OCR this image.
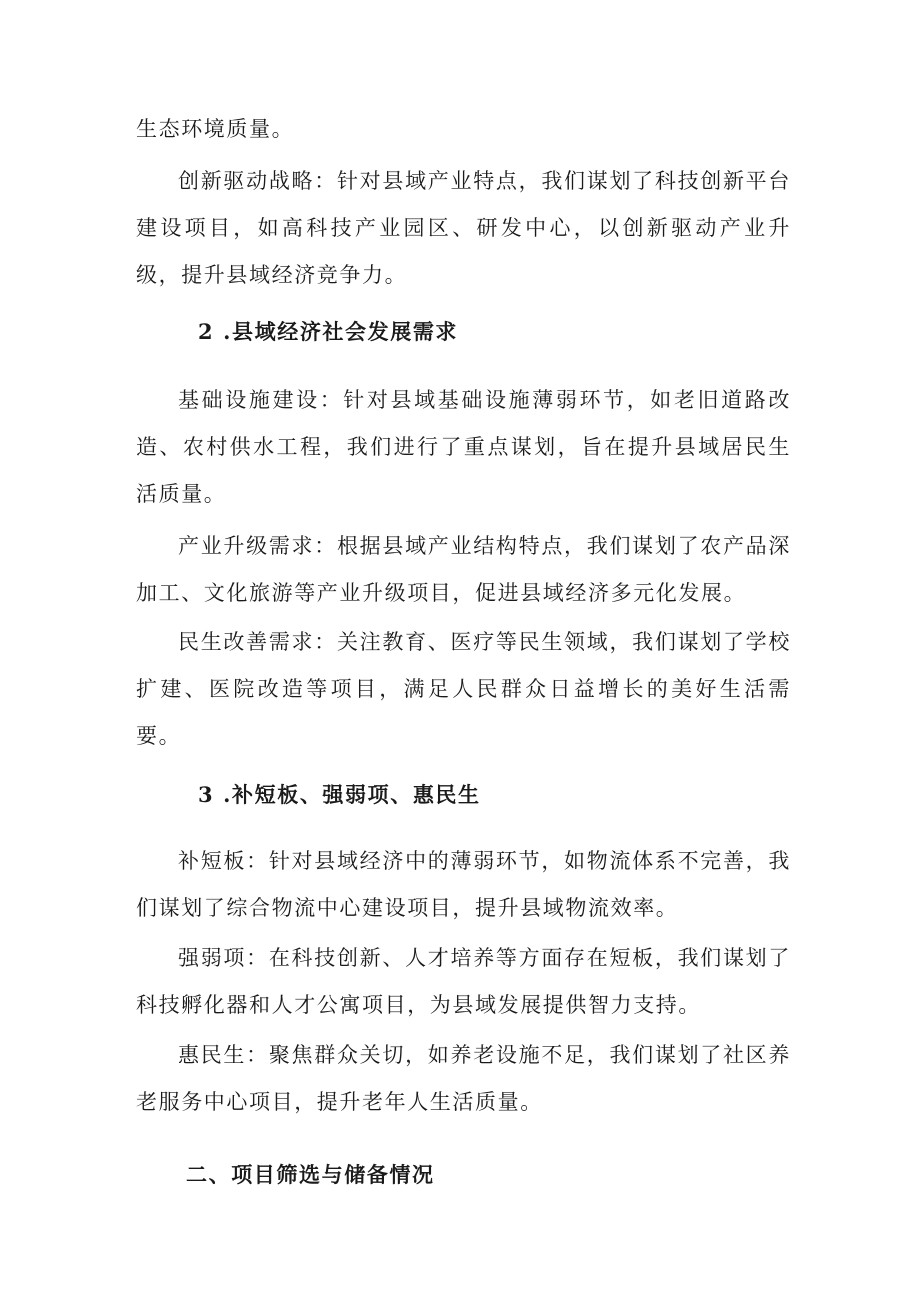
生态环境质量。

创新驱动战略：针对县域产业特点，我们谋划了科技创新平台建设项目，如高科技产业园区、研发中心，以创新驱动产业升级，提升县域经济竞争力。

2 .县域经济社会发展需求

基础设施建设：针对县域基础设施薄弱环节，如老旧道路改造、农村供水工程，我们进行了重点谋划，旨在提升县域居民生活质量。

产业升级需求：根据县域产业结构特点，我们谋划了农产品深加工、文化旅游等产业升级项目，促进县域经济多元化发展。

民生改善需求：关注教育、医疗等民生领域，我们谋划了学校扩建、医院改造等项目，满足人民群众日益增长的美好生活需要。

3 .补短板、强弱项、惠民生

补短板：针对县域经济中的薄弱环节，如物流体系不完善，我们谋划了综合物流中心建设项目，提升县域物流效率。

强弱项：在科技创新、人才培养等方面存在短板，我们谋划了科技孵化器和人才公寓项目，为县域发展提供智力支持。

惠民生：聚焦群众关切，如养老设施不足，我们谋划了社区养老服务中心项目，提升老年人生活质量。

二、项目筛选与储备情况
